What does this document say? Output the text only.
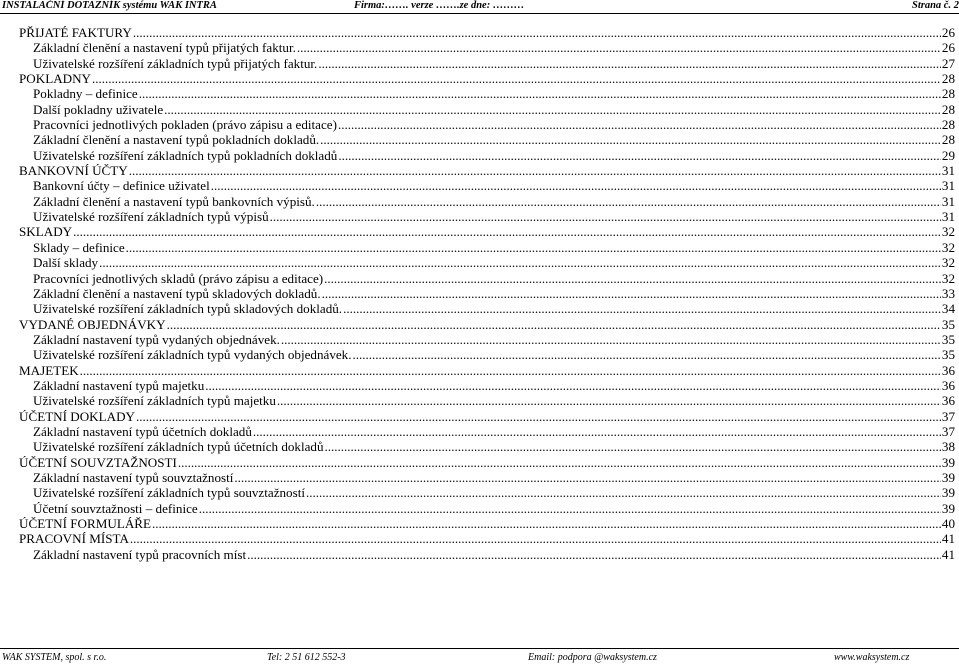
INSTALAČNÍ DOTAZNÍK systému WAK INTRA	Firma:……. verze …….ze dne: ………	Strana č. 2
PŘIJATÉ FAKTURY .....	26
Základní členění a nastavení typů přijatých faktur. .....	26
Uživatelské rozšíření základních typů přijatých faktur. .....	27
POKLADNY .....	28
Pokladny – definice .....	28
Další pokladny uživatele .....	28
Pracovníci jednotlivých pokladen (právo zápisu a editace) .....	28
Základní členění a nastavení typů pokladních dokladů. .....	28
Uživatelské rozšíření základních typů pokladních dokladů .....	29
BANKOVNÍ ÚČTY .....	31
Bankovní účty – definice uživatel .....	31
Základní členění a nastavení typů bankovních výpisů. .....	31
Uživatelské rozšíření základních typů výpisů .....	31
SKLADY .....	32
Sklady – definice .....	32
Další sklady .....	32
Pracovníci jednotlivých skladů (právo zápisu a editace) .....	32
Základní členění a nastavení typů skladových dokladů. .....	33
Uživatelské rozšíření základních typů skladových dokladů. .....	34
VYDANÉ OBJEDNÁVKY .....	35
Základní nastavení typů vydaných objednávek. .....	35
Uživatelské rozšíření základních typů vydaných objednávek. .....	35
MAJETEK .....	36
Základní nastavení typů majetku .....	36
Uživatelské rozšíření základních typů majetku .....	36
ÚČETNÍ DOKLADY .....	37
Základní nastavení typů účetních dokladů .....	37
Uživatelské rozšíření základních typů účetních dokladů .....	38
ÚČETNÍ SOUVZTAŽNOSTI .....	39
Základní nastavení typů souvztažností .....	39
Uživatelské rozšíření základních typů souvztažností .....	39
Účetní souvztažnosti – definice .....	39
ÚČETNÍ FORMULÁŘE .....	40
PRACOVNÍ MÍSTA .....	41
Základní nastavení typů pracovních míst .....	41
WAK SYSTEM, spol. s r.o.	Tel: 2 51 612 552-3	Email: podpora @waksystem.cz	www.waksystem.cz
